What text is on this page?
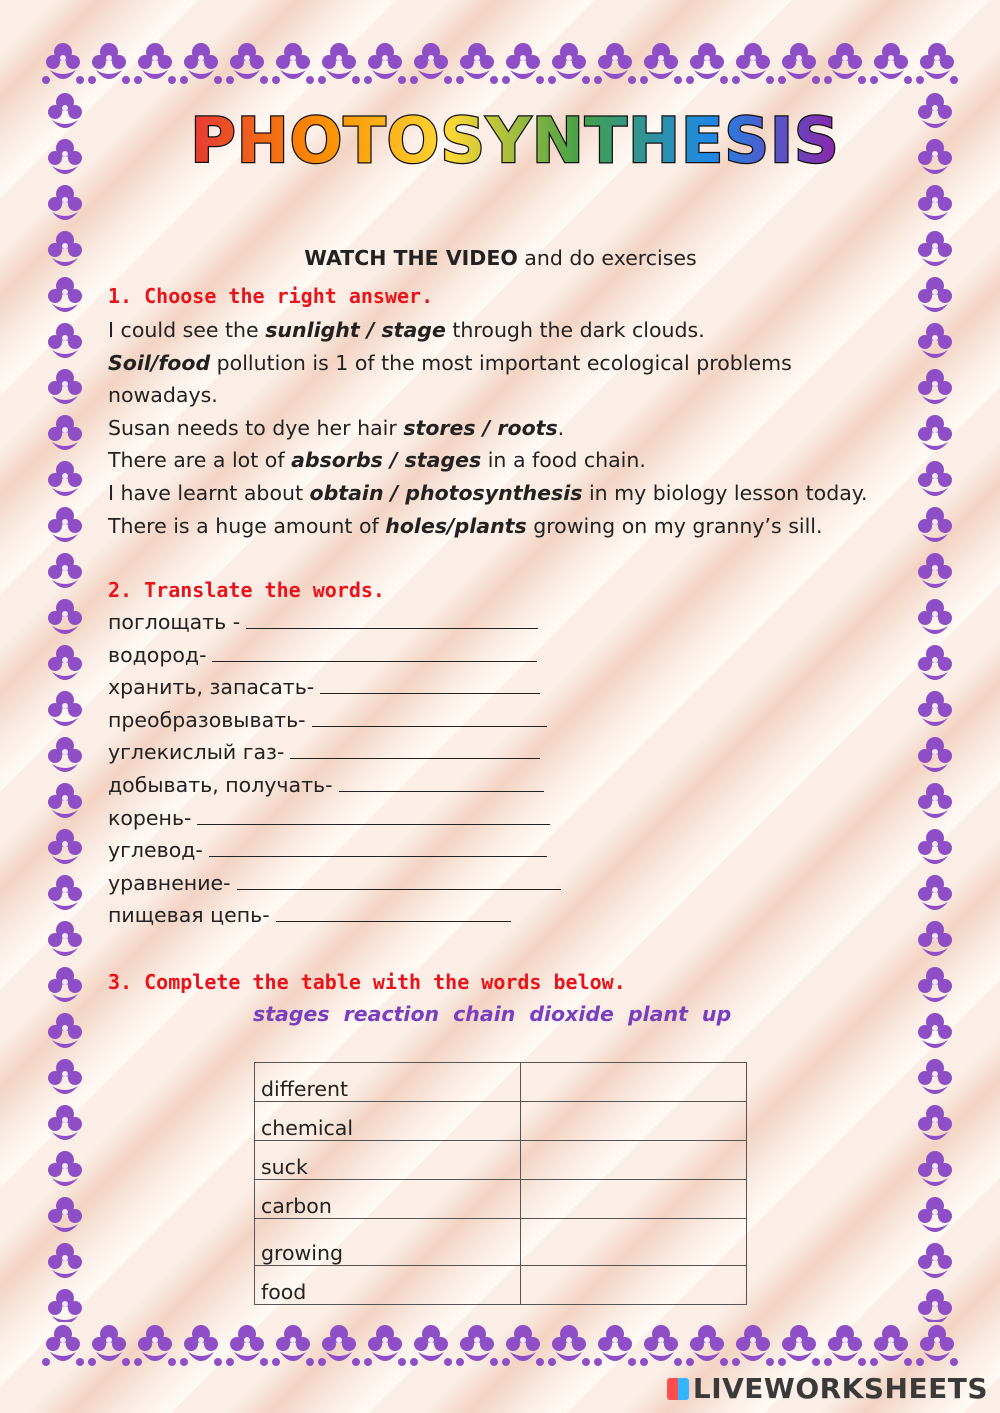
PHOTOSYNTHESIS
WATCH THE VIDEO and do exercises
1. Choose the right answer.
I could see the sunlight / stage through the dark clouds.
Soil/food pollution is 1 of the most important ecological problems
nowadays.
Susan needs to dye her hair stores / roots.
There are a lot of absorbs / stages in a food chain.
I have learnt about obtain / photosynthesis in my biology lesson today.
There is a huge amount of holes/plants growing on my granny’s sill.
2. Translate the words.
поглощать -
водород-
хранить, запасать-
преобразовывать-
углекислый газ-
добывать, получать-
корень-
углевод-
уравнение-
пищевая цепь-
3. Complete the table with the words below.
stages reaction chain dioxide plant up
different	
chemical	
suck	
carbon	
growing	
food	
LIVEWORKSHEETS
